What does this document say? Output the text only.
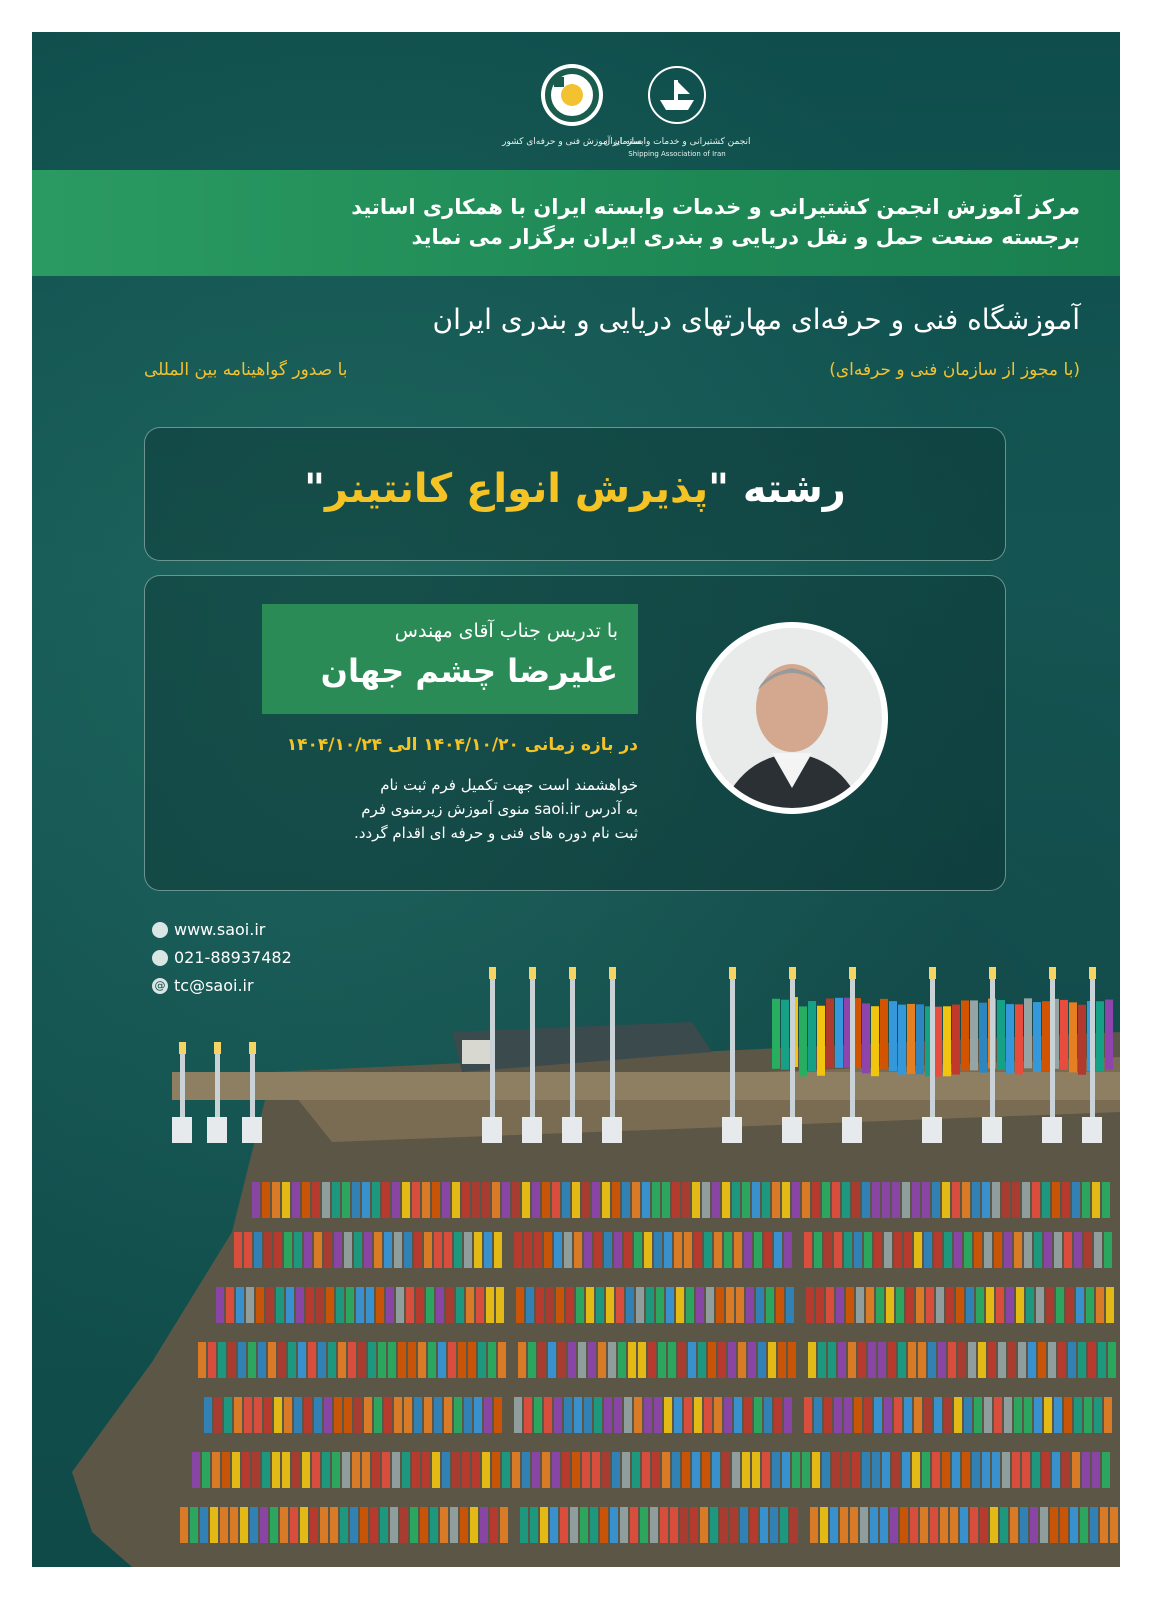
سازمان آموزش فنی و حرفه‌ای کشور
انجمن کشتیرانی و خدمات وابسته ایران
Shipping Association of Iran
مرکز آموزش انجمن کشتیرانی و خدمات وابسته ایران با همکاری اساتید
برجسته صنعت حمل و نقل دریایی و بندری ایران برگزار می نماید
آموزشگاه فنی و حرفه‌ای مهارتهای دریایی و بندری ایران
(با مجوز از سازمان فنی و حرفه‌ای)
با صدور گواهینامه بین المللی
رشته "پذیرش انواع کانتینر"
با تدریس جناب آقای مهندس
علیرضا چشم جهان
در بازه زمانی ۱۴۰۴/۱۰/۲۰ الی ۱۴۰۴/۱۰/۲۴
خواهشمند است جهت تکمیل فرم ثبت نام
به آدرس saoi.ir منوی آموزش زیرمنوی فرم
ثبت نام دوره های فنی و حرفه ای اقدام گردد.
www.saoi.ir
021-88937482
@ tc@saoi.ir
